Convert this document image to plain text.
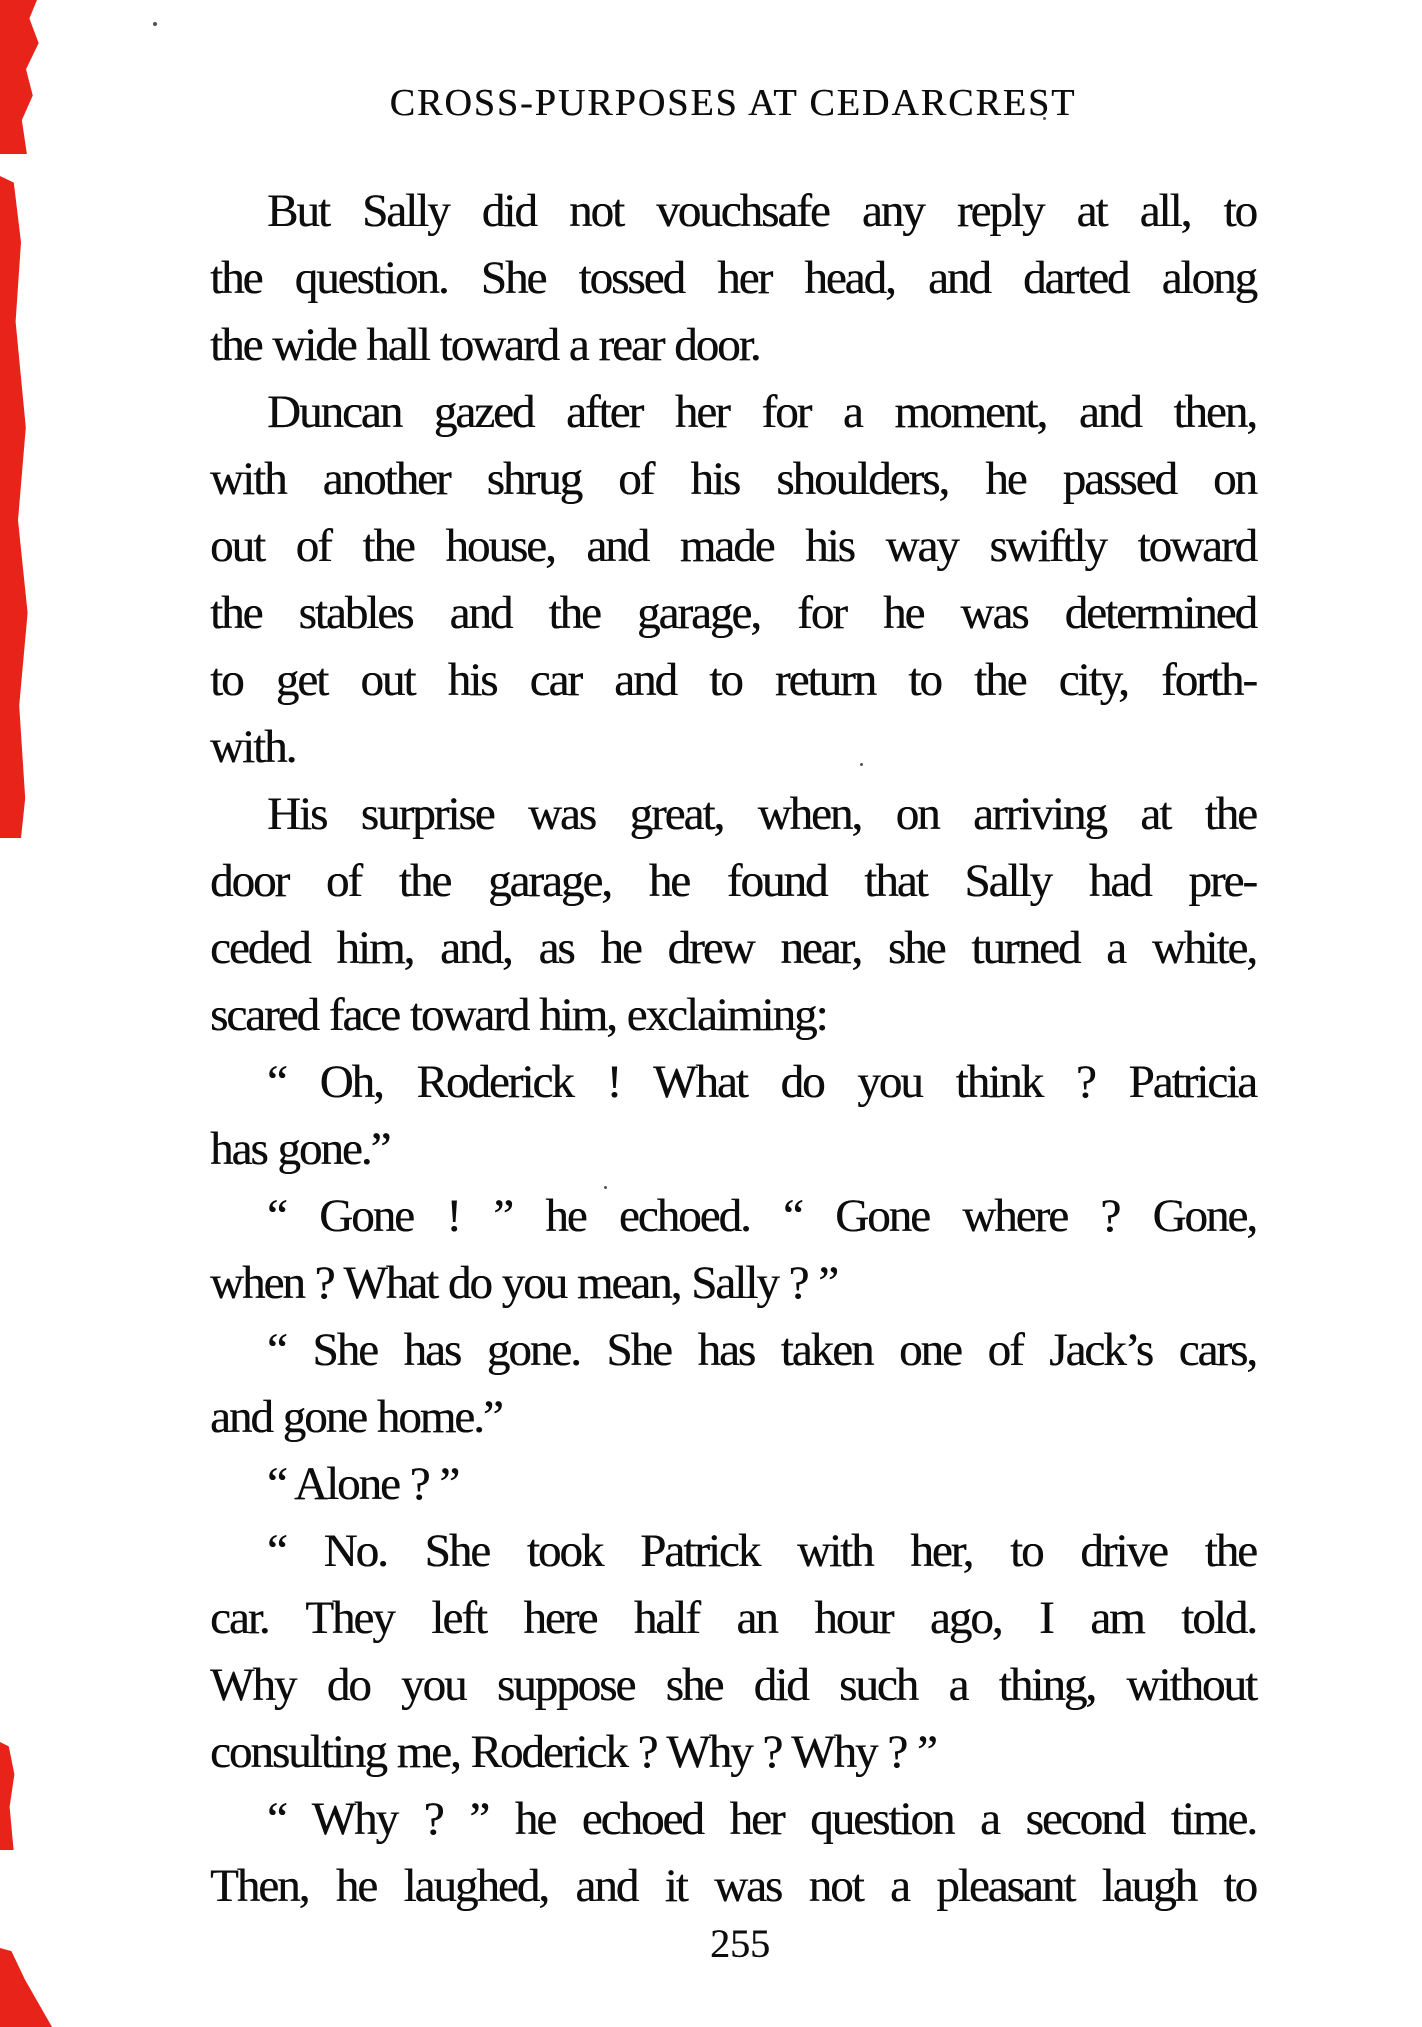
CROSS-PURPOSES AT CEDARCREST
But Sally did not vouchsafe any reply at all, to
the question. She tossed her head, and darted along
the wide hall toward a rear door.
Duncan gazed after her for a moment, and then,
with another shrug of his shoulders, he passed on
out of the house, and made his way swiftly toward
the stables and the garage, for he was determined
to get out his car and to return to the city, forth-
with.
His surprise was great, when, on arriving at the
door of the garage, he found that Sally had pre-
ceded him, and, as he drew near, she turned a white,
scared face toward him, exclaiming:
“ Oh, Roderick ! What do you think ? Patricia
has gone.”
“ Gone ! ” he echoed. “ Gone where ? Gone,
when ? What do you mean, Sally ? ”
“ She has gone. She has taken one of Jack’s cars,
and gone home.”
“ Alone ? ”
“ No. She took Patrick with her, to drive the
car. They left here half an hour ago, I am told.
Why do you suppose she did such a thing, without
consulting me, Roderick ? Why ? Why ? ”
“ Why ? ” he echoed her question a second time.
Then, he laughed, and it was not a pleasant laugh to
255
